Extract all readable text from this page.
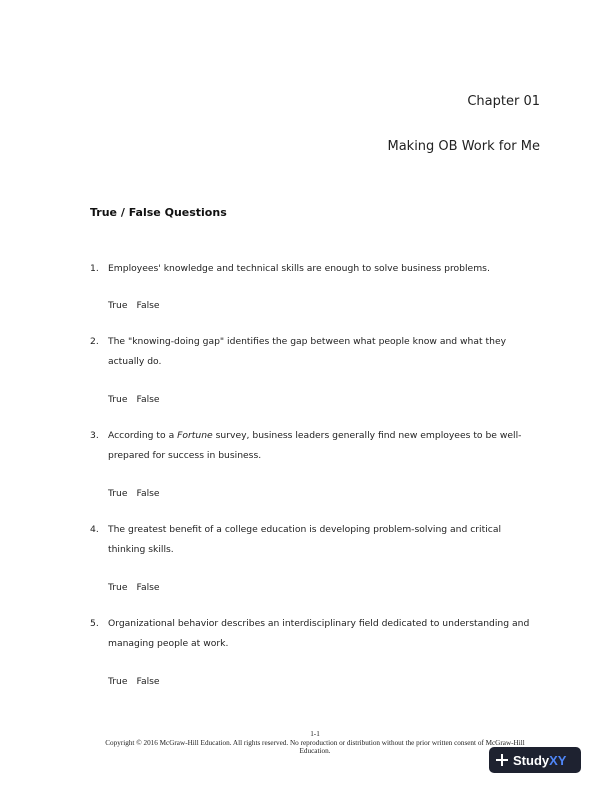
Chapter 01
Making OB Work for Me
True / False Questions
1. Employees' knowledge and technical skills are enough to solve business problems.
True False
2. The "knowing-doing gap" identifies the gap between what people know and what they actually do.
True False
3. According to a Fortune survey, business leaders generally find new employees to be well-prepared for success in business.
True False
4. The greatest benefit of a college education is developing problem-solving and critical thinking skills.
True False
5. Organizational behavior describes an interdisciplinary field dedicated to understanding and managing people at work.
True False
1-1
Copyright © 2016 McGraw-Hill Education. All rights reserved. No reproduction or distribution without the prior written consent of McGraw-Hill Education.
Study XY
